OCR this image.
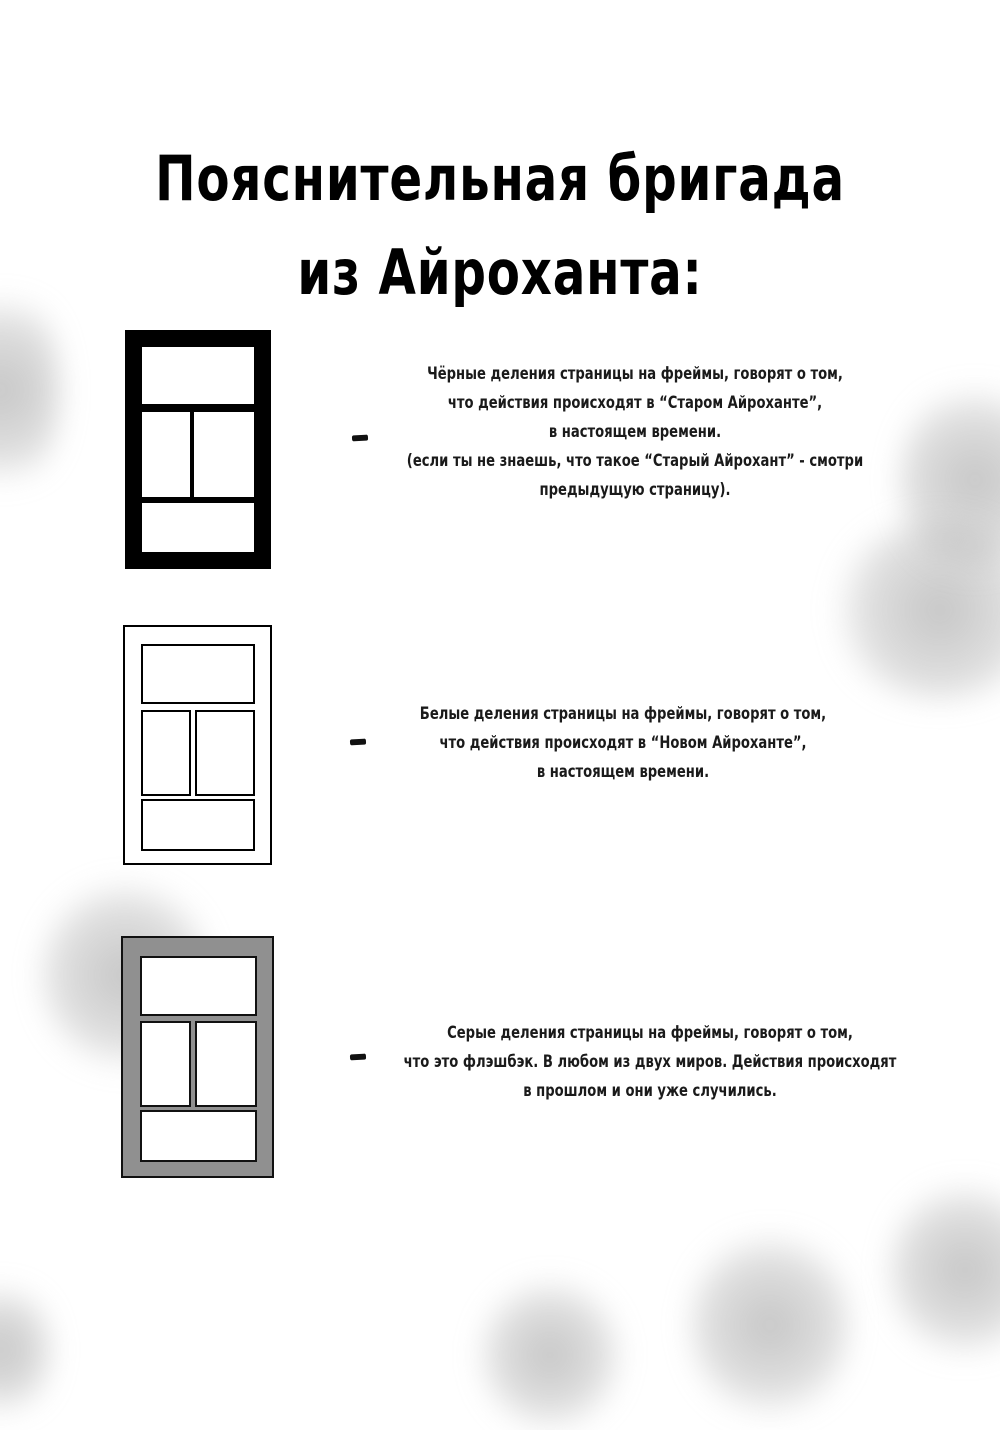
Пояснительная бригада
из Айроханта:
Чёрные деления страницы на фреймы, говорят о том,
что действия происходят в “Старом Айроханте”,
в настоящем времени.
(если ты не знаешь, что такое “Старый Айрохант” - смотри
предыдущую страницу).
Белые деления страницы на фреймы, говорят о том,
что действия происходят в “Новом Айроханте”,
в настоящем времени.
Серые деления страницы на фреймы, говорят о том,
что это флэшбэк. В любом из двух миров. Действия происходят
в прошлом и они уже случились.
